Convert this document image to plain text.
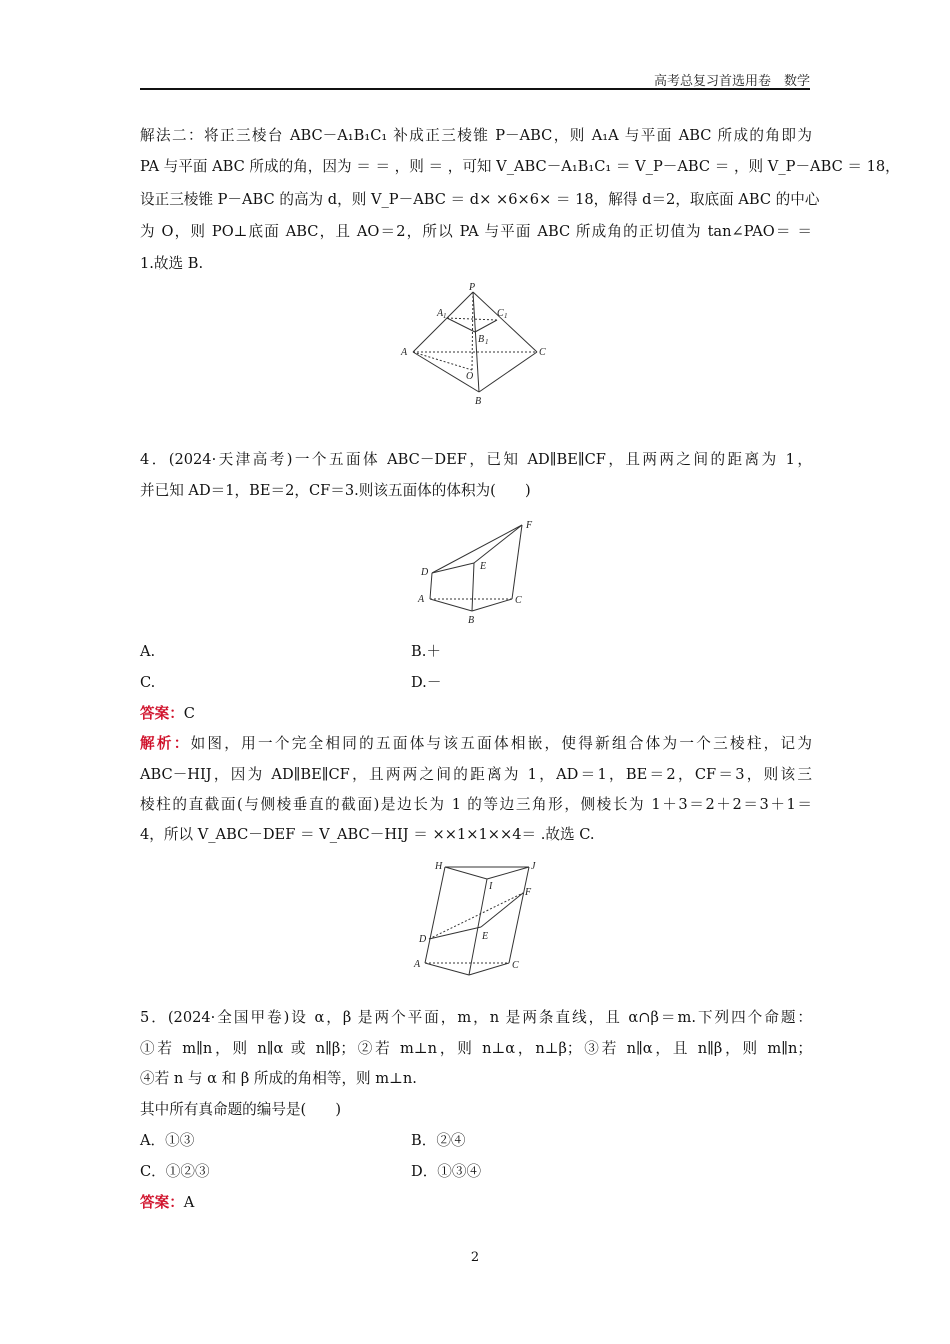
高考总复习首选用卷　数学
解法二：将正三棱台 ABC－A₁B₁C₁ 补成正三棱锥 P－ABC，则 A₁A 与平面 ABC 所成的角即为
PA 与平面 ABC 所成的角，因为 ＝ ＝ ，则 ＝ ，可知 V_ABC－A₁B₁C₁ ＝ V_P－ABC ＝ ，则 V_P－ABC ＝ 18，
设正三棱锥 P－ABC 的高为 d，则 V_P－ABC ＝ d× ×6×6× ＝ 18，解得 d＝2，取底面 ABC 的中心
为 O，则 PO⊥底面 ABC，且 AO＝2，所以 PA 与平面 ABC 所成角的正切值为 tan∠PAO＝ ＝
1.故选 B.
P
A 1	C 1
B 1
A	C
O
B
4．(2024·天津高考)一个五面体 ABC－DEF，已知 AD∥BE∥CF，且两两之间的距离为 1，
并已知 AD＝1，BE＝2，CF＝3.则该五面体的体积为(　　)
F
D
E
A	C
B
A.	B.＋
C.	D.－
答案：C
解析：如图，用一个完全相同的五面体与该五面体相嵌，使得新组合体为一个三棱柱，记为
ABC－HIJ，因为 AD∥BE∥CF，且两两之间的距离为 1，AD＝1，BE＝2，CF＝3，则该三
棱柱的直截面(与侧棱垂直的截面)是边长为 1 的等边三角形，侧棱长为 1＋3＝2＋2＝3＋1＝
4，所以 V_ABC－DEF ＝ V_ABC－HIJ ＝ ××1×1××4＝ .故选 C.
H	J
I
F
D	E
A	C
5．(2024·全国甲卷)设 α，β 是两个平面，m，n 是两条直线，且 α∩β＝m.下列四个命题：
①若 m∥n，则 n∥α 或 n∥β；②若 m⊥n，则 n⊥α，n⊥β；③若 n∥α，且 n∥β，则 m∥n；
④若 n 与 α 和 β 所成的角相等，则 m⊥n.
其中所有真命题的编号是(　　)
A．①③	B．②④
C．①②③	D．①③④
答案：A
2
